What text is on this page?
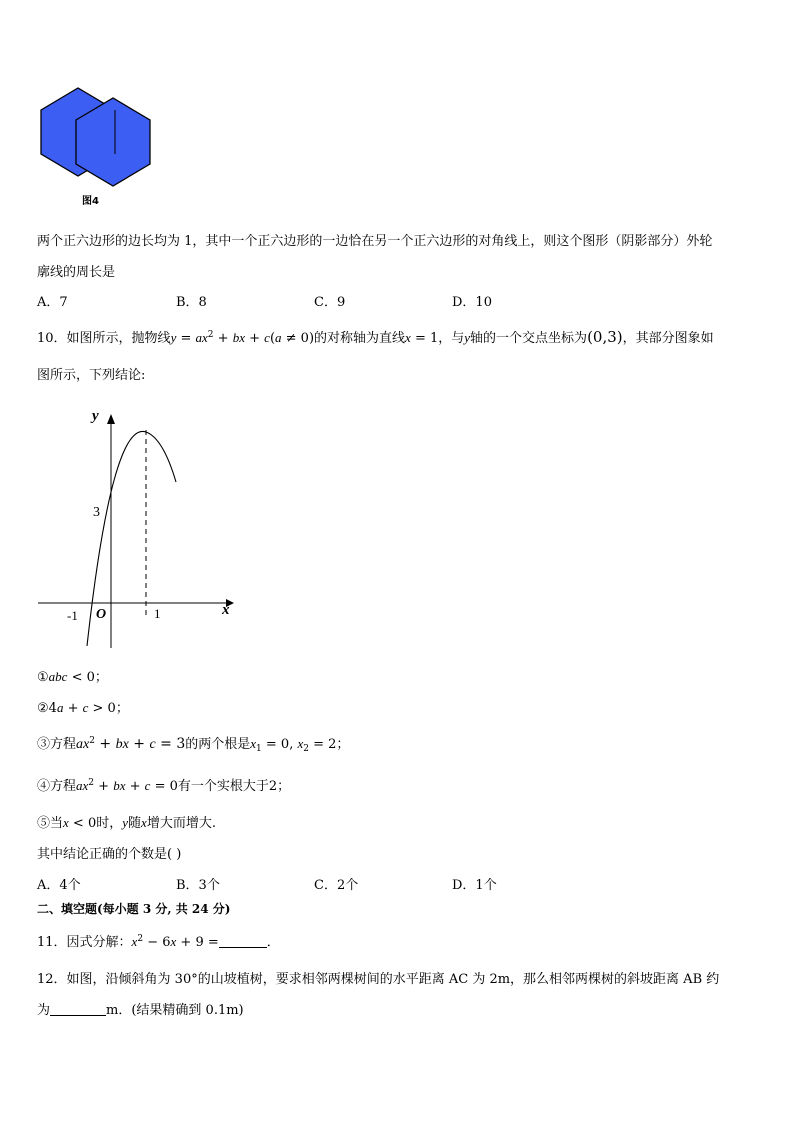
图4
两个正六边形的边长均为 1，其中一个正六边形的一边恰在另一个正六边形的对角线上，则这个图形（阴影部分）外轮
廓线的周长是
A．7	B．8	C．9	D．10
10．如图所示，抛物线$y = ax^2$ + bx + c(a ≠ 0)的对称轴为直线x = 1，与y轴的一个交点坐标为(0,3)，其部分图象如
图所示，下列结论:
y
x
O
3
-1	1
①abc < 0；
②4a + c > 0；
③方程$ax^2$ + bx + c = 3的两个根是$x_1 = 0$, $x_2 = 2$；
④方程$ax^2$ + bx + c = 0有一个实根大于2；
⑤当x < 0时，y随x增大而增大.
其中结论正确的个数是( )
A．4个	B．3个	C．2个	D．1个
二、填空题(每小题 3 分, 共 24 分)
11．因式分解：$x^2 - 6x + 9$ =	．
12．如图，沿倾斜角为 30°的山坡植树，要求相邻两棵树间的水平距离 AC 为 2m，那么相邻两棵树的斜坡距离 AB 约
为	m．(结果精确到 0.1m)
